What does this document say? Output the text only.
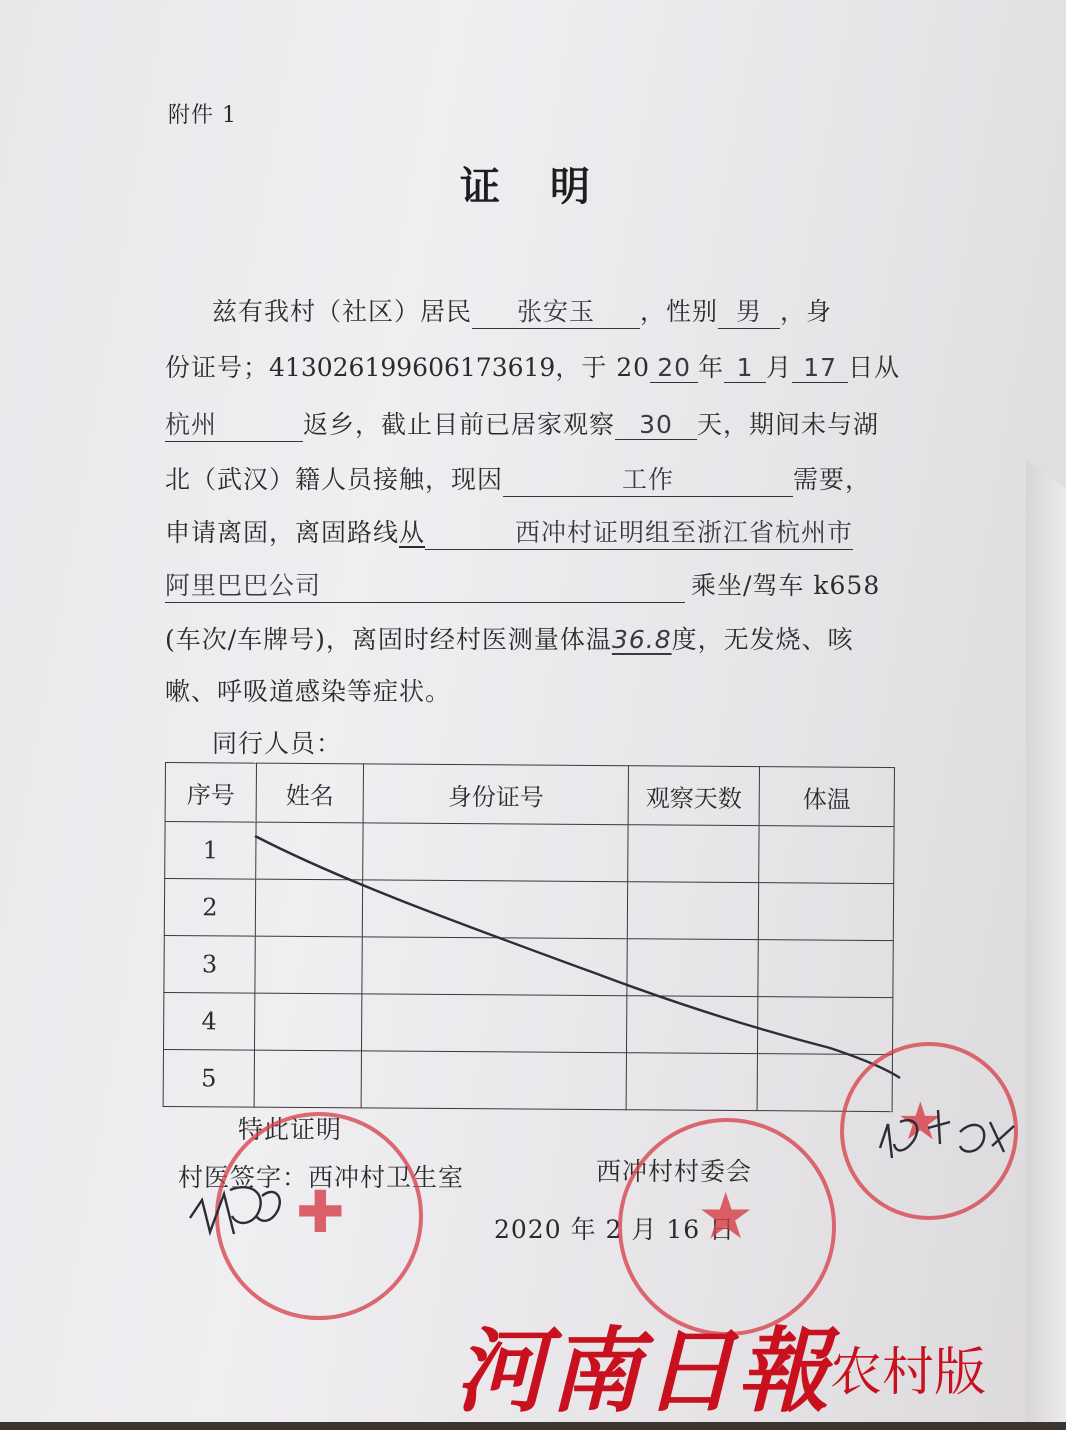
附件 1
证明
兹有我村（社区）居民 张安玉 ，性别 男 ，身
份证号；413026199606173619，于 20 20 年 1 月 17 日从
杭州	返乡，截止目前已居家观察 30 天，期间未与湖
北（武汉）籍人员接触，现因	工作	需要，
申请离固，离固路线从	西冲村证明组至浙江省杭州市
阿里巴巴公司	乘坐/驾车 k658
(车次/车牌号)，离固时经村医测量体温36.8度，无发烧、咳
嗽、呼吸道感染等症状。
同行人员：
序号	姓名	身份证号	观察天数	体温
1				
2				
3				
4				
5				
特此证明
村医签字：西冲村卫生室	西冲村村委会
2020 年 2 月 16 日
✚	★
★
河南日報
农村版
